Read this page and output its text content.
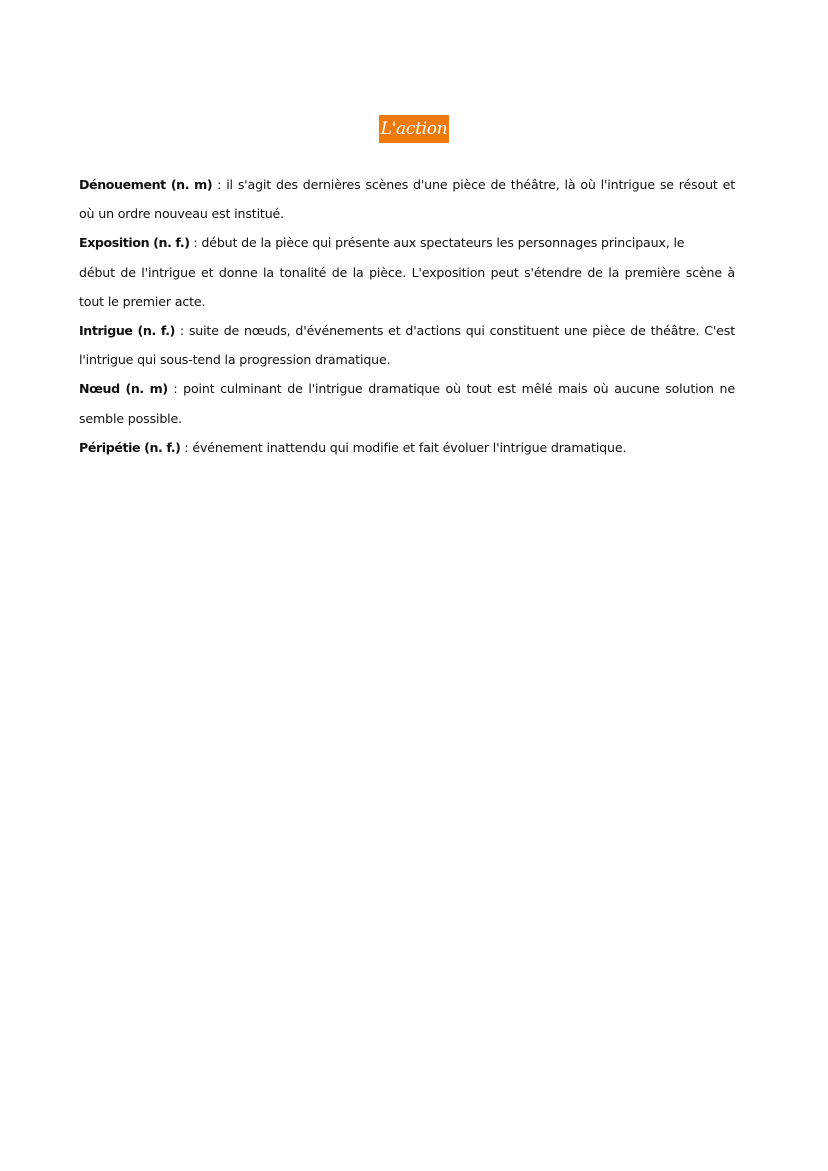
L'action
Dénouement (n. m) : il s'agit des dernières scènes d'une pièce de théâtre, là où l'intrigue se résout et
où un ordre nouveau est institué.
Exposition (n. f.) : début de la pièce qui présente aux spectateurs les personnages principaux, le
début de l'intrigue et donne la tonalité de la pièce. L'exposition peut s'étendre de la première scène à
tout le premier acte.
Intrigue (n. f.) : suite de nœuds, d'événements et d'actions qui constituent une pièce de théâtre. C'est
l'intrigue qui sous-tend la progression dramatique.
Nœud (n. m) : point culminant de l'intrigue dramatique où tout est mêlé mais où aucune solution ne
semble possible.
Péripétie (n. f.) : événement inattendu qui modifie et fait évoluer l'intrigue dramatique.
